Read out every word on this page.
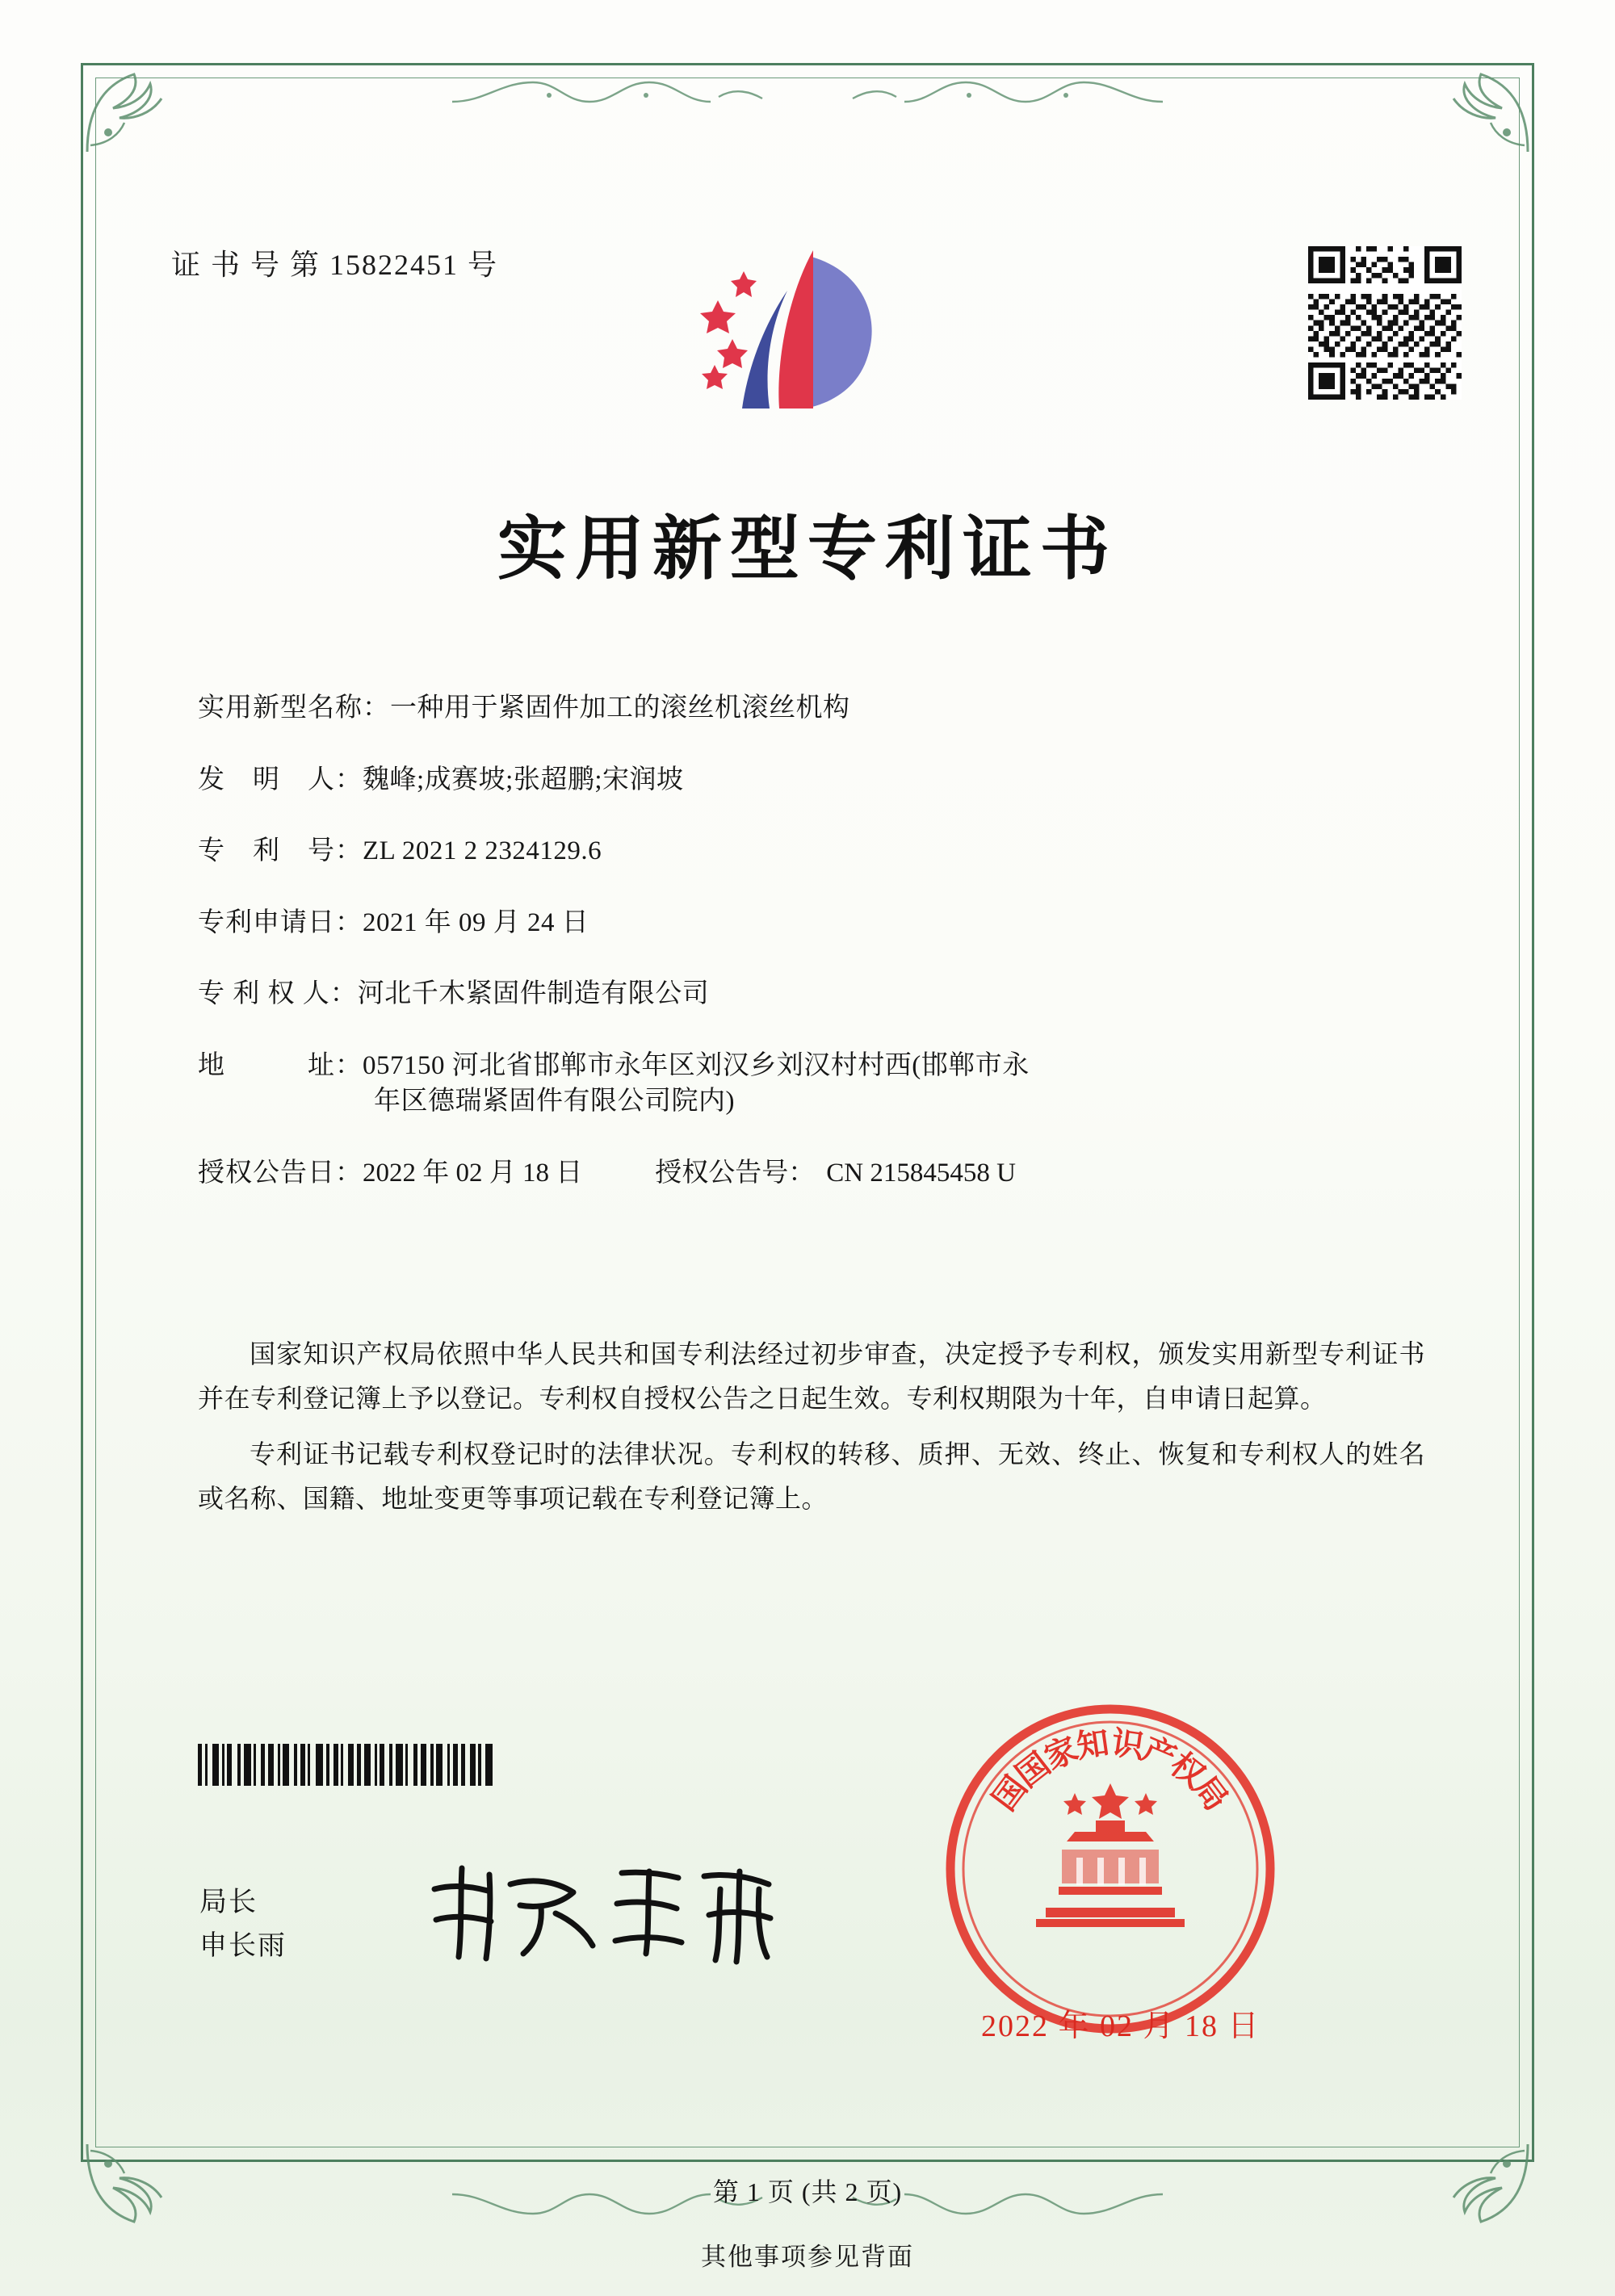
证 书 号 第 15822451 号
实用新型专利证书
实用新型名称： 一种用于紧固件加工的滚丝机滚丝机构
发　明　人： 魏峰;成赛坡;张超鹏;宋润坡
专　利　号： ZL 2021 2 2324129.6
专利申请日： 2021 年 09 月 24 日
专 利 权 人： 河北千木紧固件制造有限公司
地　　　址： 057150 河北省邯郸市永年区刘汉乡刘汉村村西(邯郸市永
年区德瑞紧固件有限公司院内)
授权公告日： 2022 年 02 月 18 日	授权公告号： CN 215845458 U

国家知识产权局依照中华人民共和国专利法经过初步审查，决定授予专利权，颁发实用新型专利证书并在专利登记簿上予以登记。专利权自授权公告之日起生效。专利权期限为十年，自申请日起算。

专利证书记载专利权登记时的法律状况。专利权的转移、质押、无效、终止、恢复和专利权人的姓名或名称、国籍、地址变更等事项记载在专利登记簿上。

局长
申长雨
国
家
知
识
产
权
局
国
2022 年 02 月 18 日
第 1 页 (共 2 页)
其他事项参见背面
